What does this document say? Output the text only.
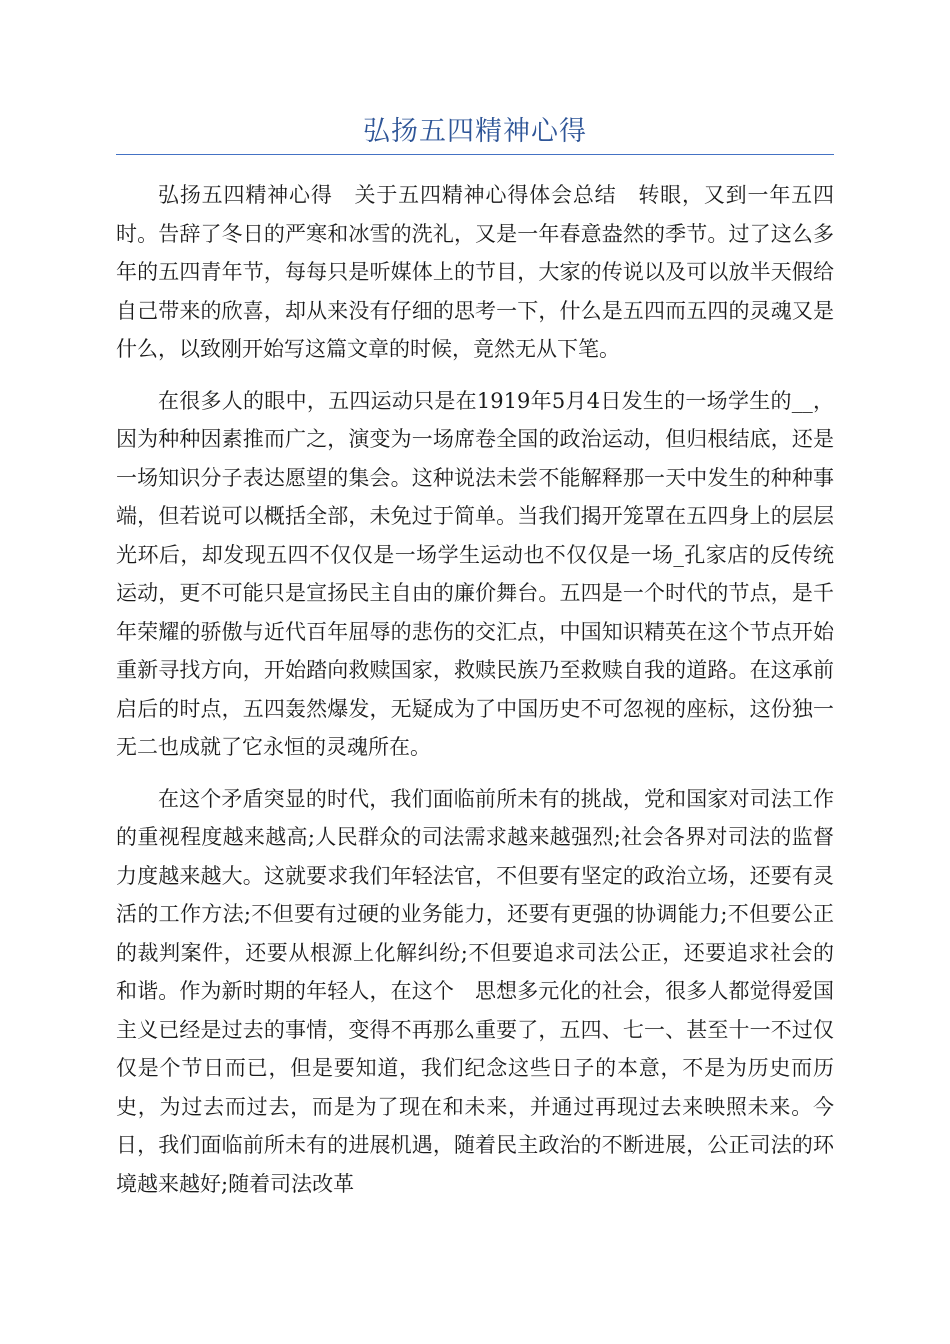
弘扬五四精神心得

弘扬五四精神心得　关于五四精神心得体会总结　转眼，又到一年五四时。告辞了冬日的严寒和冰雪的洗礼，又是一年春意盎然的季节。过了这么多年的五四青年节，每每只是听媒体上的节目，大家的传说以及可以放半天假给自己带来的欣喜，却从来没有仔细的思考一下，什么是五四而五四的灵魂又是什么，以致刚开始写这篇文章的时候，竟然无从下笔。

在很多人的眼中，五四运动只是在1919年5月4日发生的一场学生的__，因为种种因素推而广之，演变为一场席卷全国的政治运动，但归根结底，还是一场知识分子表达愿望的集会。这种说法未尝不能解释那一天中发生的种种事端，但若说可以概括全部，未免过于简单。当我们揭开笼罩在五四身上的层层光环后，却发现五四不仅仅是一场学生运动也不仅仅是一场_孔家店的反传统运动，更不可能只是宣扬民主自由的廉价舞台。五四是一个时代的节点，是千年荣耀的骄傲与近代百年屈辱的悲伤的交汇点，中国知识精英在这个节点开始重新寻找方向，开始踏向救赎国家，救赎民族乃至救赎自我的道路。在这承前启后的时点，五四轰然爆发，无疑成为了中国历史不可忽视的座标，这份独一无二也成就了它永恒的灵魂所在。

在这个矛盾突显的时代，我们面临前所未有的挑战，党和国家对司法工作的重视程度越来越高;人民群众的司法需求越来越强烈;社会各界对司法的监督力度越来越大。这就要求我们年轻法官，不但要有坚定的政治立场，还要有灵活的工作方法;不但要有过硬的业务能力，还要有更强的协调能力;不但要公正的裁判案件，还要从根源上化解纠纷;不但要追求司法公正，还要追求社会的和谐。作为新时期的年轻人，在这个　思想多元化的社会，很多人都觉得爱国主义已经是过去的事情，变得不再那么重要了，五四、七一、甚至十一不过仅仅是个节日而已，但是要知道，我们纪念这些日子的本意，不是为历史而历史，为过去而过去，而是为了现在和未来，并通过再现过去来映照未来。今日，我们面临前所未有的进展机遇，随着民主政治的不断进展，公正司法的环境越来越好;随着司法改革
